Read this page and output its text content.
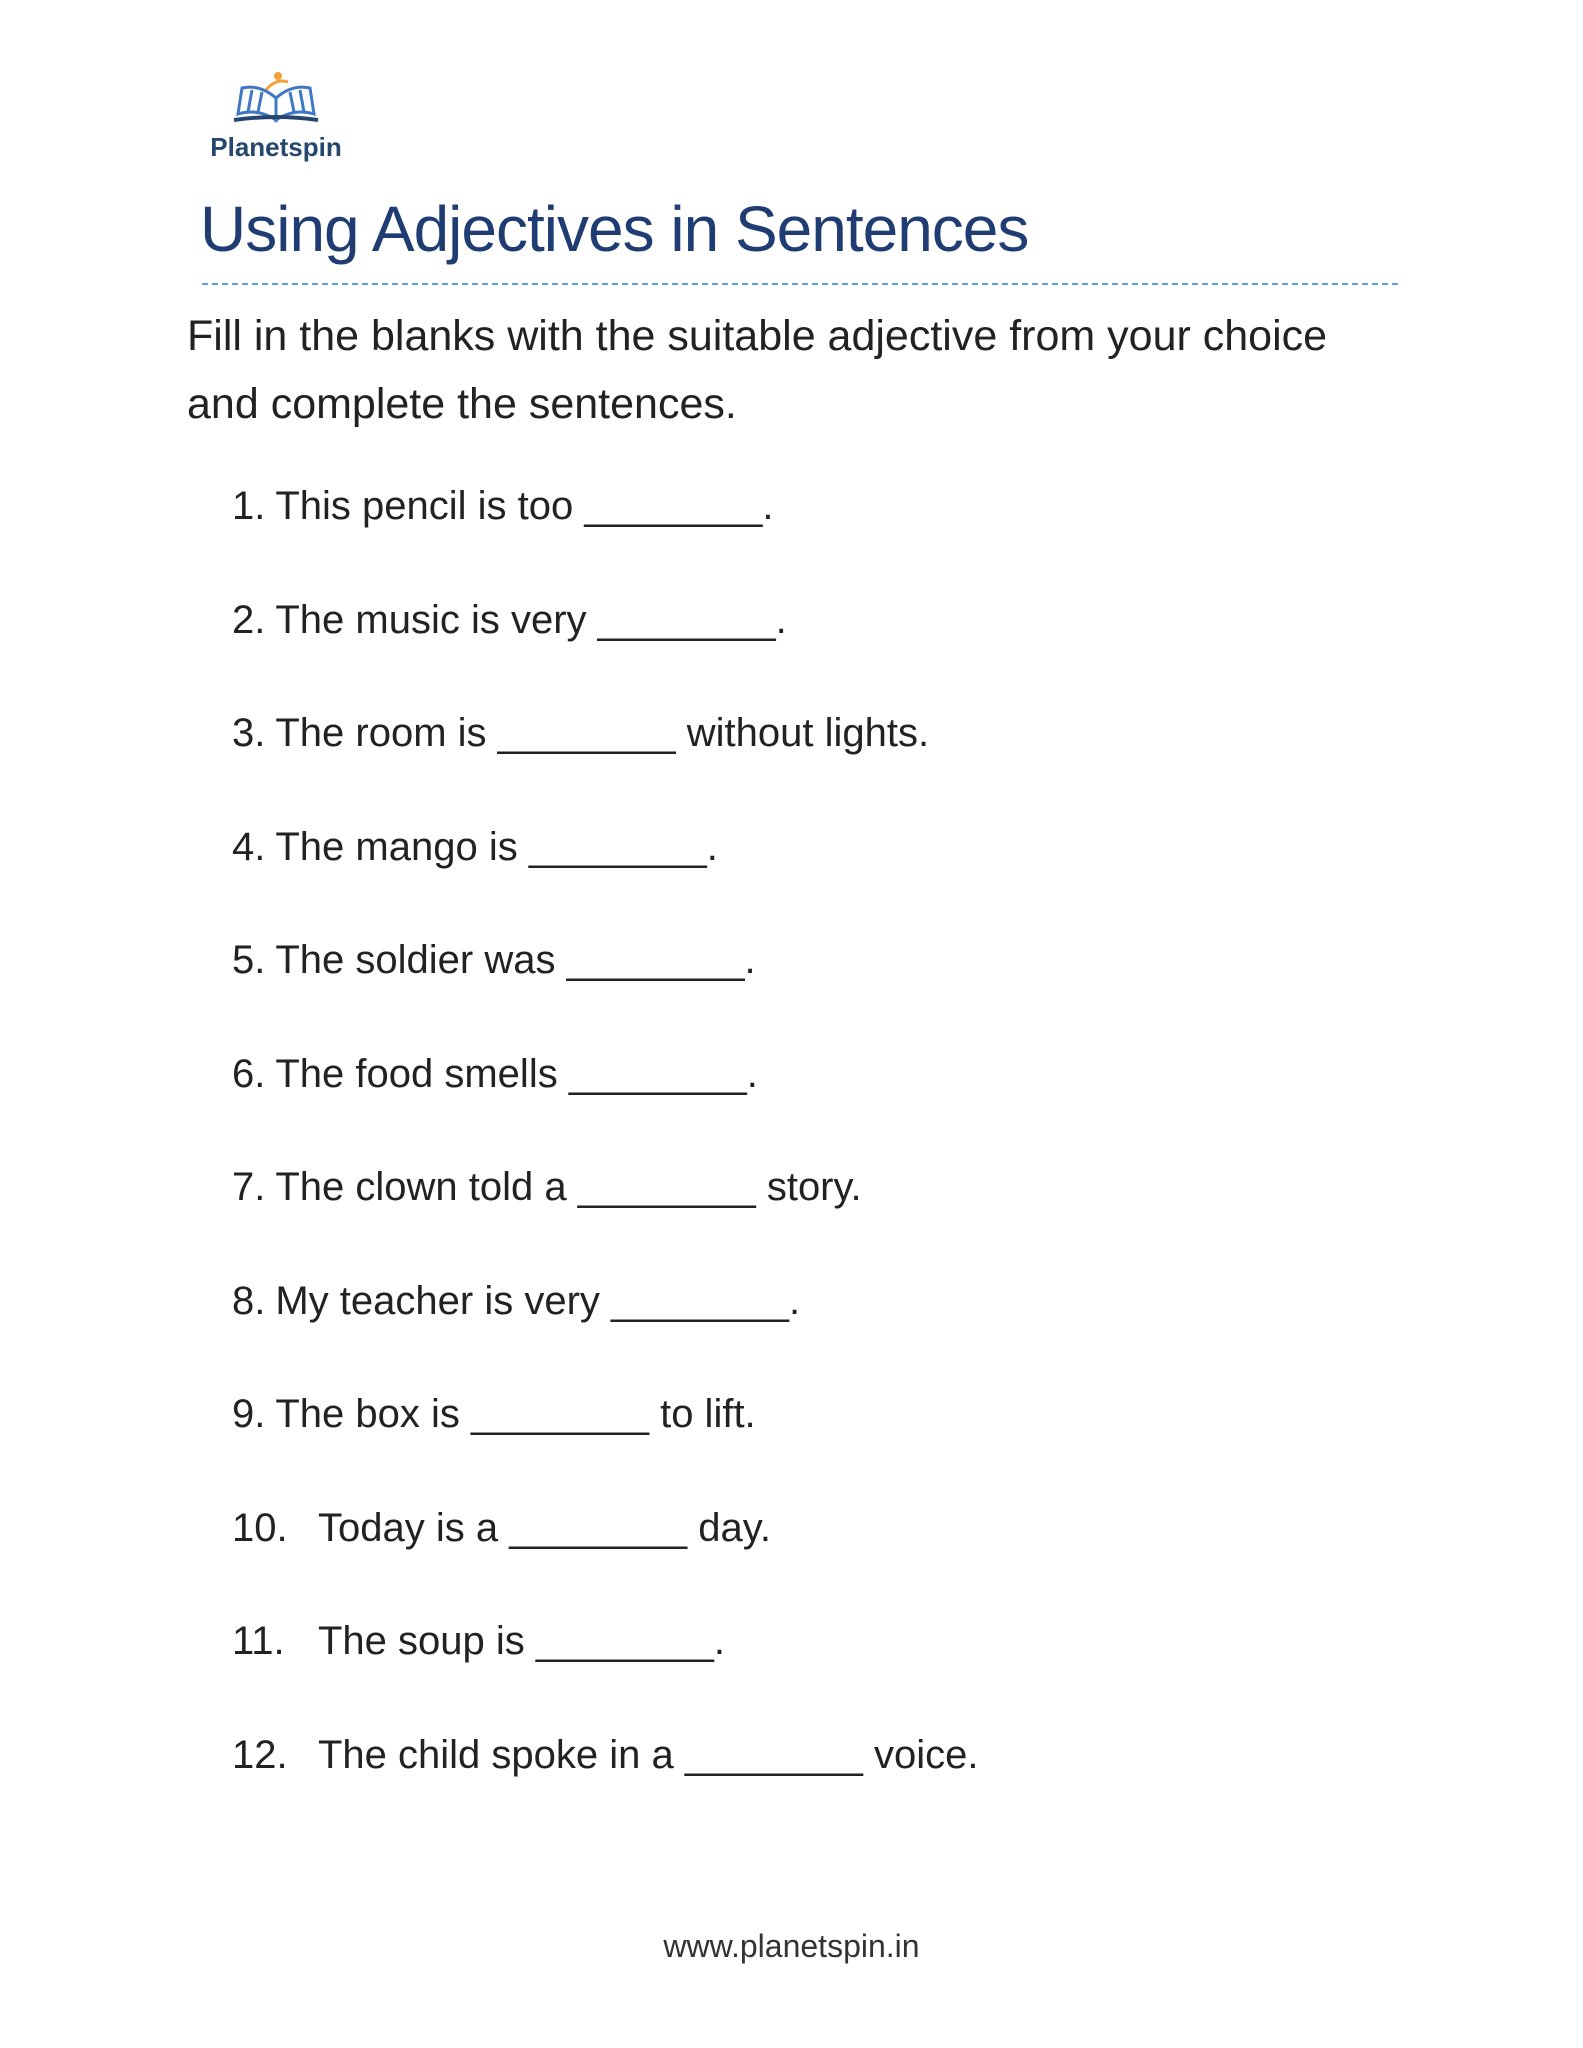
Planetspin
Using Adjectives in Sentences

Fill in the blanks with the suitable adjective from your choice and complete the sentences.

1. This pencil is too ________.
2. The music is very ________.
3. The room is ________ without lights.
4. The mango is ________.
5. The soldier was ________.
6. The food smells ________.
7. The clown told a ________ story.
8. My teacher is very ________.
9. The box is ________ to lift.
10. Today is a ________ day.
11. The soup is ________.
12. The child spoke in a ________ voice.
www.planetspin.in
